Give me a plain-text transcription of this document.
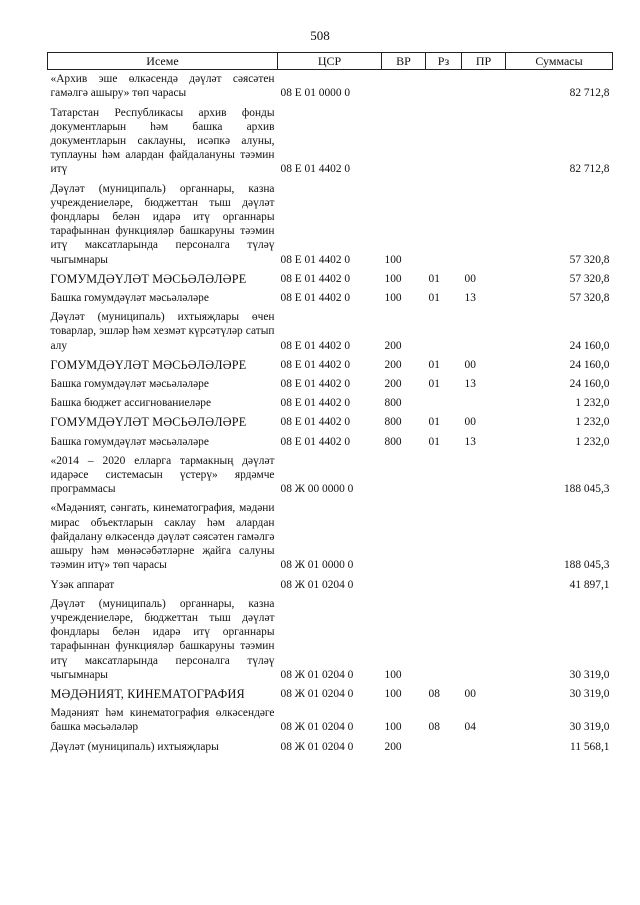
508
Исеме	ЦСР	ВР	Рз	ПР	Суммасы
«Архив эше өлкәсендә дәүләт сәясәтен гамәлгә ашыру» төп чарасы	08 Е 01 0000 0				82 712,8
Татарстан Республикасы архив фонды документларын һәм башка архив документларын саклауны, исәпкә алуны, туплауны һәм алардан файдалануны тәэмин итү	08 Е 01 4402 0				82 712,8
Дәүләт (муниципаль) органнары, казна учреждениеләре, бюджеттан тыш дәүләт фондлары белән идарә итү органнары тарафыннан функцияләр башкаруны тәэмин итү максатларында персоналга түләү чыгымнары	08 Е 01 4402 0	100			57 320,8
ГОМУМДӘҮЛӘТ МӘСЬӘЛӘЛӘРЕ	08 Е 01 4402 0	100	01	00	57 320,8
Башка гомумдәүләт мәсьәләләре	08 Е 01 4402 0	100	01	13	57 320,8
Дәүләт (муниципаль) ихтыяҗлары өчен товарлар, эшләр һәм хезмәт күрсәтүләр сатып алу	08 Е 01 4402 0	200			24 160,0
ГОМУМДӘҮЛӘТ МӘСЬӘЛӘЛӘРЕ	08 Е 01 4402 0	200	01	00	24 160,0
Башка гомумдәүләт мәсьәләләре	08 Е 01 4402 0	200	01	13	24 160,0
Башка бюджет ассигнованиеләре	08 Е 01 4402 0	800			1 232,0
ГОМУМДӘҮЛӘТ МӘСЬӘЛӘЛӘРЕ	08 Е 01 4402 0	800	01	00	1 232,0
Башка гомумдәүләт мәсьәләләре	08 Е 01 4402 0	800	01	13	1 232,0
«2014 – 2020 елларга тармакның дәүләт идарәсе системасын үстерү» ярдәмче программасы	08 Ж 00 0000 0				188 045,3
«Мәдәният, сәнгать, кинематография, мәдәни мирас объектларын саклау һәм алардан файдалану өлкәсендә дәүләт сәясәтен гамәлгә ашыру һәм мөнәсәбәтләрне җайга салуны тәэмин итү» төп чарасы	08 Ж 01 0000 0				188 045,3
Үзәк аппарат	08 Ж 01 0204 0				41 897,1
Дәүләт (муниципаль) органнары, казна учреждениеләре, бюджеттан тыш дәүләт фондлары белән идарә итү органнары тарафыннан функцияләр башкаруны тәэмин итү максатларында персоналга түләү чыгымнары	08 Ж 01 0204 0	100			30 319,0
МӘДӘНИЯТ, КИНЕМАТОГРАФИЯ	08 Ж 01 0204 0	100	08	00	30 319,0
Мәдәният һәм кинематография өлкәсендәге башка мәсьәләләр	08 Ж 01 0204 0	100	08	04	30 319,0
Дәүләт (муниципаль) ихтыяҗлары	08 Ж 01 0204 0	200			11 568,1
